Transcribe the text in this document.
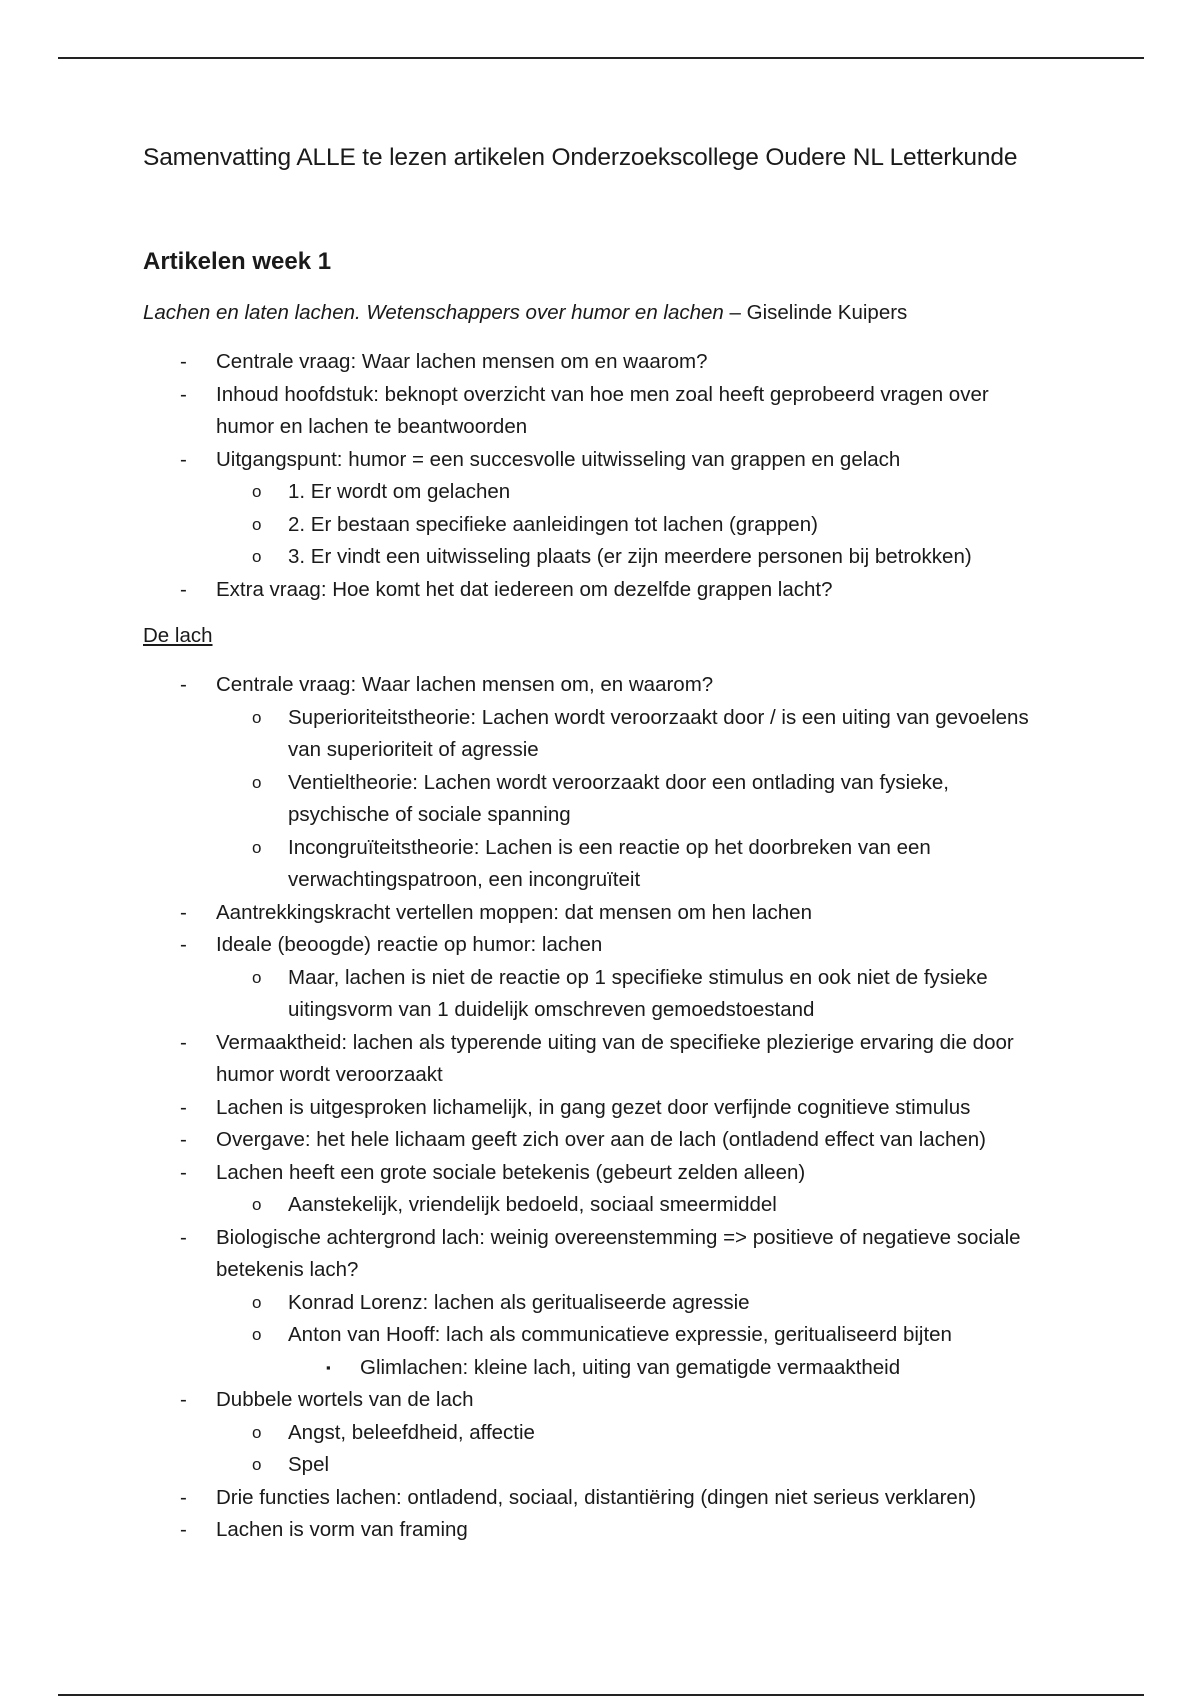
Samenvatting ALLE te lezen artikelen Onderzoekscollege Oudere NL Letterkunde
Artikelen week 1
Lachen en laten lachen. Wetenschappers over humor en lachen – Giselinde Kuipers
- Centrale vraag: Waar lachen mensen om en waarom?
- Inhoud hoofdstuk: beknopt overzicht van hoe men zoal heeft geprobeerd vragen over humor en lachen te beantwoorden
- Uitgangspunt: humor = een succesvolle uitwisseling van grappen en gelach
o 1. Er wordt om gelachen
o 2. Er bestaan specifieke aanleidingen tot lachen (grappen)
o 3. Er vindt een uitwisseling plaats (er zijn meerdere personen bij betrokken)
- Extra vraag: Hoe komt het dat iedereen om dezelfde grappen lacht?
De lach
- Centrale vraag: Waar lachen mensen om, en waarom?
o Superioriteitstheorie: Lachen wordt veroorzaakt door / is een uiting van gevoelens van superioriteit of agressie
o Ventieltheorie: Lachen wordt veroorzaakt door een ontlading van fysieke, psychische of sociale spanning
o Incongruïteitstheorie: Lachen is een reactie op het doorbreken van een verwachtingspatroon, een incongruïteit
- Aantrekkingskracht vertellen moppen: dat mensen om hen lachen
- Ideale (beoogde) reactie op humor: lachen
o Maar, lachen is niet de reactie op 1 specifieke stimulus en ook niet de fysieke uitingsvorm van 1 duidelijk omschreven gemoedstoestand
- Vermaaktheid: lachen als typerende uiting van de specifieke plezierige ervaring die door humor wordt veroorzaakt
- Lachen is uitgesproken lichamelijk, in gang gezet door verfijnde cognitieve stimulus
- Overgave: het hele lichaam geeft zich over aan de lach (ontladend effect van lachen)
- Lachen heeft een grote sociale betekenis (gebeurt zelden alleen)
o Aanstekelijk, vriendelijk bedoeld, sociaal smeermiddel
- Biologische achtergrond lach: weinig overeenstemming => positieve of negatieve sociale betekenis lach?
o Konrad Lorenz: lachen als geritualiseerde agressie
o Anton van Hooff: lach als communicatieve expressie, geritualiseerd bijten
▪ Glimlachen: kleine lach, uiting van gematigde vermaaktheid
- Dubbele wortels van de lach
o Angst, beleefdheid, affectie
o Spel
- Drie functies lachen: ontladend, sociaal, distantiëring (dingen niet serieus verklaren)
- Lachen is vorm van framing
